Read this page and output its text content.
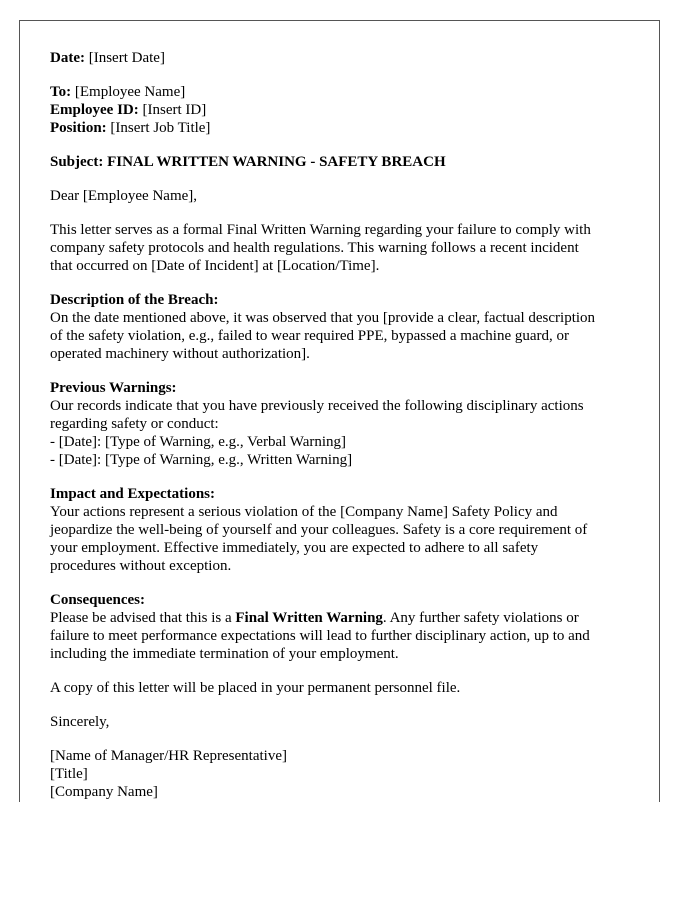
Date: [Insert Date]
To: [Employee Name]
Employee ID: [Insert ID]
Position: [Insert Job Title]
Subject: FINAL WRITTEN WARNING - SAFETY BREACH
Dear [Employee Name],
This letter serves as a formal Final Written Warning regarding your failure to comply with
company safety protocols and health regulations. This warning follows a recent incident
that occurred on [Date of Incident] at [Location/Time].
Description of the Breach:
On the date mentioned above, it was observed that you [provide a clear, factual description
of the safety violation, e.g., failed to wear required PPE, bypassed a machine guard, or
operated machinery without authorization].
Previous Warnings:
Our records indicate that you have previously received the following disciplinary actions
regarding safety or conduct:
- [Date]: [Type of Warning, e.g., Verbal Warning]
- [Date]: [Type of Warning, e.g., Written Warning]
Impact and Expectations:
Your actions represent a serious violation of the [Company Name] Safety Policy and
jeopardize the well-being of yourself and your colleagues. Safety is a core requirement of
your employment. Effective immediately, you are expected to adhere to all safety
procedures without exception.
Consequences:
Please be advised that this is a Final Written Warning. Any further safety violations or
failure to meet performance expectations will lead to further disciplinary action, up to and
including the immediate termination of your employment.
A copy of this letter will be placed in your permanent personnel file.
Sincerely,
[Name of Manager/HR Representative]
[Title]
[Company Name]
